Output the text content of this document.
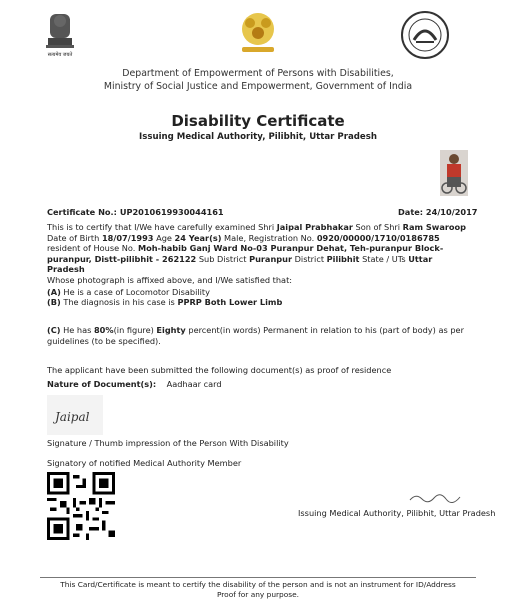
सत्यमेव जयते
Department of Empowerment of Persons with Disabilities,
Ministry of Social Justice and Empowerment, Government of India
Disability Certificate
Issuing Medical Authority, Pilibhit, Uttar Pradesh
Certificate No.: UP2010619930044161	Date: 24/10/2017
This is to certify that I/We have carefully examined Shri Jaipal Prabhakar Son of Shri Ram Swaroop Date of Birth 18/07/1993 Age 24 Year(s) Male, Registration No. 0920/00000/1710/0186785 resident of House No. Moh-habib Ganj Ward No-03 Puranpur Dehat, Teh-puranpur Block-puranpur, Distt-pilibhit - 262122 Sub District Puranpur District Pilibhit State / UTs Uttar Pradesh
Whose photograph is affixed above, and I/We satisfied that:
(A) He is a case of Locomotor Disability
(B) The diagnosis in his case is PPRP Both Lower Limb
(C) He has 80%(in figure) Eighty percent(in words) Permanent in relation to his (part of body) as per guidelines (to be specified).
The applicant have been submitted the following document(s) as proof of residence
Nature of Document(s): Aadhaar card
Jaipal
Signature / Thumb impression of the Person With Disability
Signatory of notified Medical Authority Member
Issuing Medical Authority, Pilibhit, Uttar Pradesh
This Card/Certificate is meant to certify the disability of the person and is not an instrument for ID/Address Proof for any purpose.
